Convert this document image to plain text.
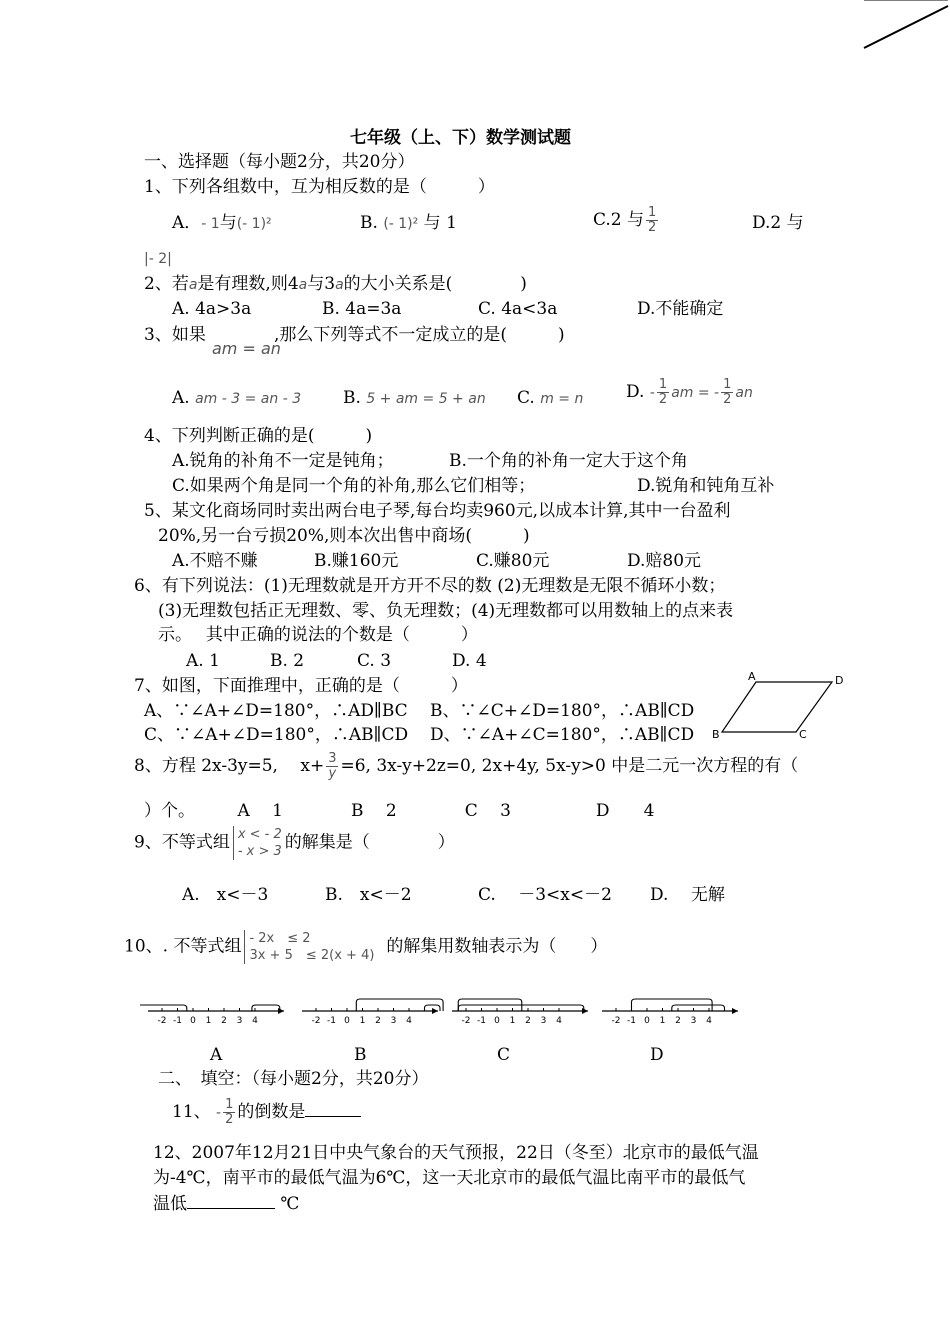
七年级（上、下）数学测试题
一、选择题（每小题2分，共20分）
1、下列各组数中，互为相反数的是（　　　）
A．- 1与(- 1)²	B. (- 1)² 与 1	C.2 与 $\frac{1}{2}$	D.2 与
|- 2|
2、若a是有理数,则4a与3a的大小关系是(　　　　)
A. 4a>3a	B. 4a=3a	C. 4a<3a	D.不能确定
3、如果
am = an
,那么下列等式不一定成立的是(　　　)
A. am - 3 = an - 3 B. 5 + am = 5 + an C. m = n	D. - $\frac{1}{2}$ am = - $\frac{1}{2}$ an
4、下列判断正确的是(　　　)
A.锐角的补角不一定是钝角；	B.一个角的补角一定大于这个角
C.如果两个角是同一个角的补角,那么它们相等；	D.锐角和钝角互补
5、某文化商场同时卖出两台电子琴,每台均卖960元,以成本计算,其中一台盈利
20%,另一台亏损20%,则本次出售中商场(　　　)
A.不赔不赚	B.赚160元	C.赚80元	D.赔80元
6、有下列说法：(1)无理数就是开方开不尽的数 (2)无理数是无限不循环小数；
(3)无理数包括正无理数、零、负无理数；(4)无理数都可以用数轴上的点来表
示。　 其中正确的说法的个数是（　　　）
A. 1	B. 2	C. 3	D. 4
7、如图，下面推理中，正确的是（　　　）
A、∵∠A+∠D=180°，∴AD∥BC B、∵∠C+∠D=180°，∴AB∥CD
C、∵∠A+∠D=180°，∴AB∥CD D、∵∠A+∠C=180°，∴AB∥CD
A	D
B	C
8、方程 2x-3y=5, 　$x+ \frac{3}{y} =6$, 3x-y+2z=0, 2x+4y, 5x-y>0 中是二元一次方程的有（
）个。　　　A　 1　　　　B　 2　　　　C　 3　　　　　D　　4
9、不等式组 x < - 2
- x > 3 的解集是（　　　　）
A.　x<－3	B.　x<－2	C.　 －3<x<－2 D.　 无解
10、. 不等式组 - 2x　≤ 2
3x + 5　≤ 2(x + 4) 的解集用数轴表示为（　　）
-2 -1 0 1 2 3 4	-2 -1 0 1 2 3 4	-2 -1 0 1 2 3 4	-2 -1 0 1 2 3 4
A	B	C	D
二、　填空：（每小题2分，共20分）
11、 - $\frac{1}{2}$ 的倒数是
12、2007年12月21日中央气象台的天气预报，22日（冬至）北京市的最低气温
为-4℃，南平市的最低气温为6℃，这一天北京市的最低气温比南平市的最低气
温低	℃
